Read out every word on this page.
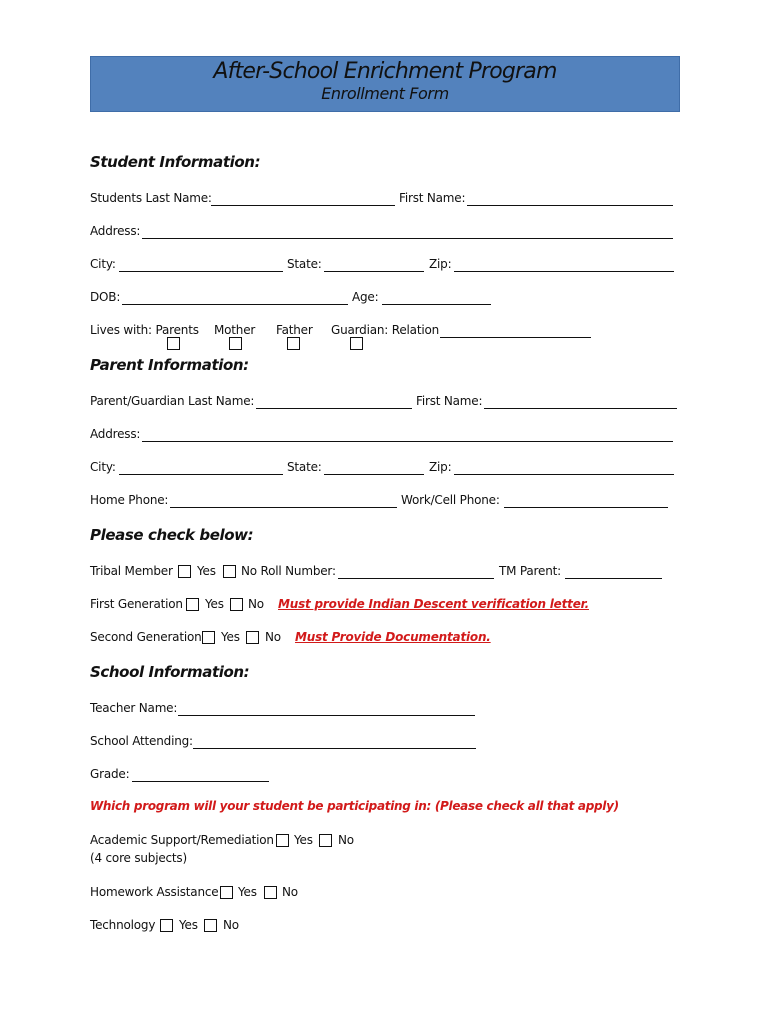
After-School Enrichment Program
Enrollment Form
Student Information:
Students Last Name:	First Name:
Address:
City:	State:	Zip:
DOB:	Age:
Lives with: Parents Mother Father Guardian: Relation
Parent Information:
Parent/Guardian Last Name:	First Name:
Address:
City:	State:	Zip:
Home Phone:	Work/Cell Phone:
Please check below:
Tribal Member Yes No Roll Number:	TM Parent:
First Generation Yes No Must provide Indian Descent verification letter.
Second Generation Yes No Must Provide Documentation.
School Information:
Teacher Name:
School Attending:
Grade:
Which program will your student be participating in: (Please check all that apply)
Academic Support/Remediation
(4 core subjects)
Yes No
Homework Assistance Yes No
Technology Yes No
